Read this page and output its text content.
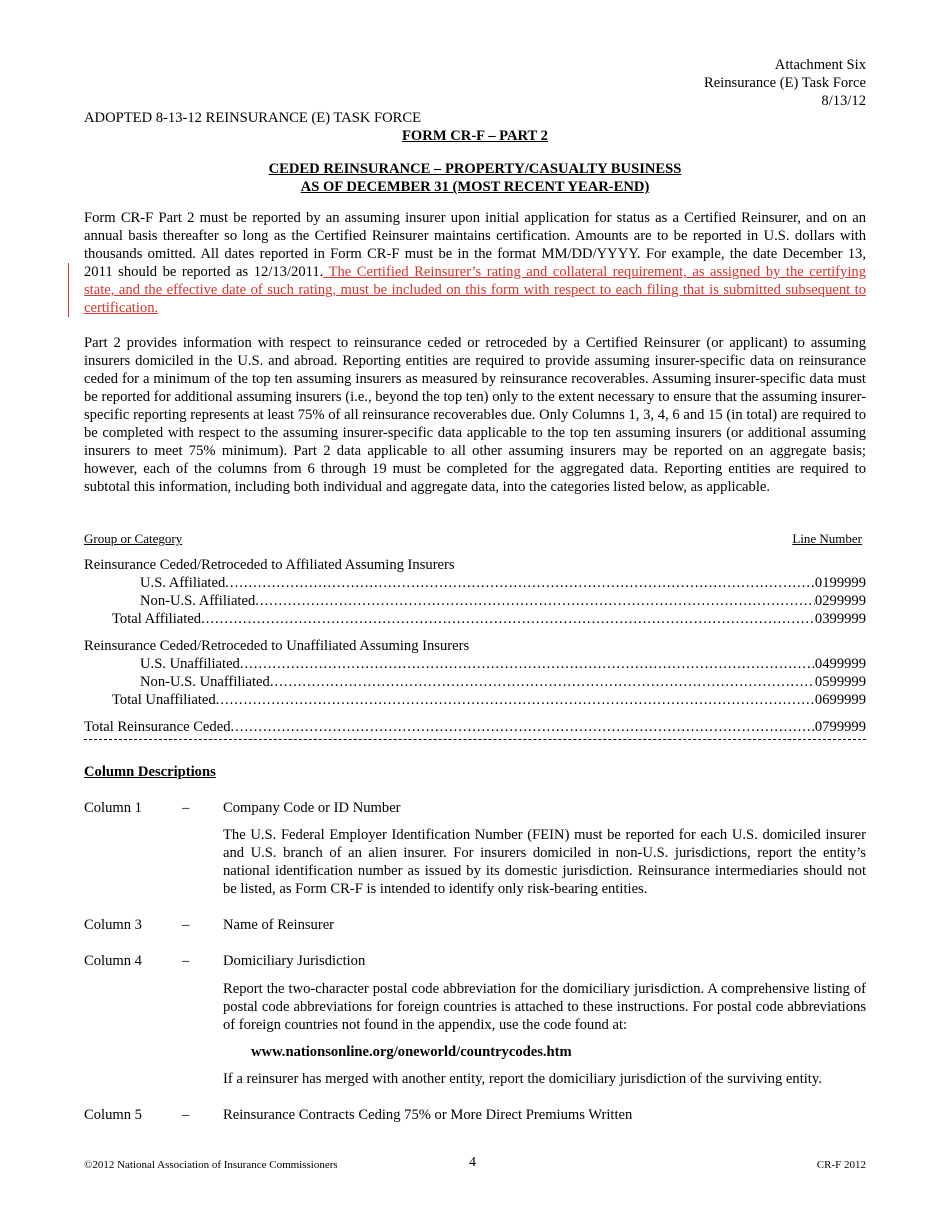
Attachment Six
Reinsurance (E) Task Force
8/13/12
ADOPTED 8-13-12 REINSURANCE (E) TASK FORCE
FORM CR-F – PART 2
CEDED REINSURANCE – PROPERTY/CASUALTY BUSINESS
AS OF DECEMBER 31 (MOST RECENT YEAR-END)

Form CR-F Part 2 must be reported by an assuming insurer upon initial application for status as a Certified Reinsurer, and on an annual basis thereafter so long as the Certified Reinsurer maintains certification. Amounts are to be reported in U.S. dollars with thousands omitted. All dates reported in Form CR-F must be in the format MM/DD/YYYY. For example, the date December 13, 2011 should be reported as 12/13/2011. The Certified Reinsurer’s rating and collateral requirement, as assigned by the certifying state, and the effective date of such rating, must be included on this form with respect to each filing that is submitted subsequent to certification.

Part 2 provides information with respect to reinsurance ceded or retroceded by a Certified Reinsurer (or applicant) to assuming insurers domiciled in the U.S. and abroad. Reporting entities are required to provide assuming insurer-specific data on reinsurance ceded for a minimum of the top ten assuming insurers as measured by reinsurance recoverables. Assuming insurer-specific data must be reported for additional assuming insurers (i.e., beyond the top ten) only to the extent necessary to ensure that the assuming insurer-specific reporting represents at least 75% of all reinsurance recoverables due. Only Columns 1, 3, 4, 6 and 15 (in total) are required to be completed with respect to the assuming insurer-specific data applicable to the top ten assuming insurers (or additional assuming insurers to meet 75% minimum). Part 2 data applicable to all other assuming insurers may be reported on an aggregate basis; however, each of the columns from 6 through 19 must be completed for the aggregated data. Reporting entities are required to subtotal this information, including both individual and aggregate data, into the categories listed below, as applicable.

Group or Category	Line Number
Reinsurance Ceded/Retroceded to Affiliated Assuming Insurers
U.S. Affiliated .....	0199999
Non-U.S. Affiliated .....	0299999
Total Affiliated .....	0399999
Reinsurance Ceded/Retroceded to Unaffiliated Assuming Insurers
U.S. Unaffiliated .....	0499999
Non-U.S. Unaffiliated .....	0599999
Total Unaffiliated .....	0699999
Total Reinsurance Ceded .....	0799999
Column Descriptions
Column 1	– Company Code or ID Number

The U.S. Federal Employer Identification Number (FEIN) must be reported for each U.S. domiciled insurer and U.S. branch of an alien insurer. For insurers domiciled in non-U.S. jurisdictions, report the entity’s national identification number as issued by its domestic jurisdiction. Reinsurance intermediaries should not be listed, as Form CR-F is intended to identify only risk-bearing entities.

Column 3	– Name of Reinsurer
Column 4	– Domiciliary Jurisdiction

Report the two-character postal code abbreviation for the domiciliary jurisdiction. A comprehensive listing of postal code abbreviations for foreign countries is attached to these instructions. For postal code abbreviations of foreign countries not found in the appendix, use the code found at:

www.nationsonline.org/oneworld/countrycodes.htm

If a reinsurer has merged with another entity, report the domiciliary jurisdiction of the surviving entity.

Column 5	– Reinsurance Contracts Ceding 75% or More Direct Premiums Written
©2012 National Association of Insurance Commissioners	4	CR-F 2012
